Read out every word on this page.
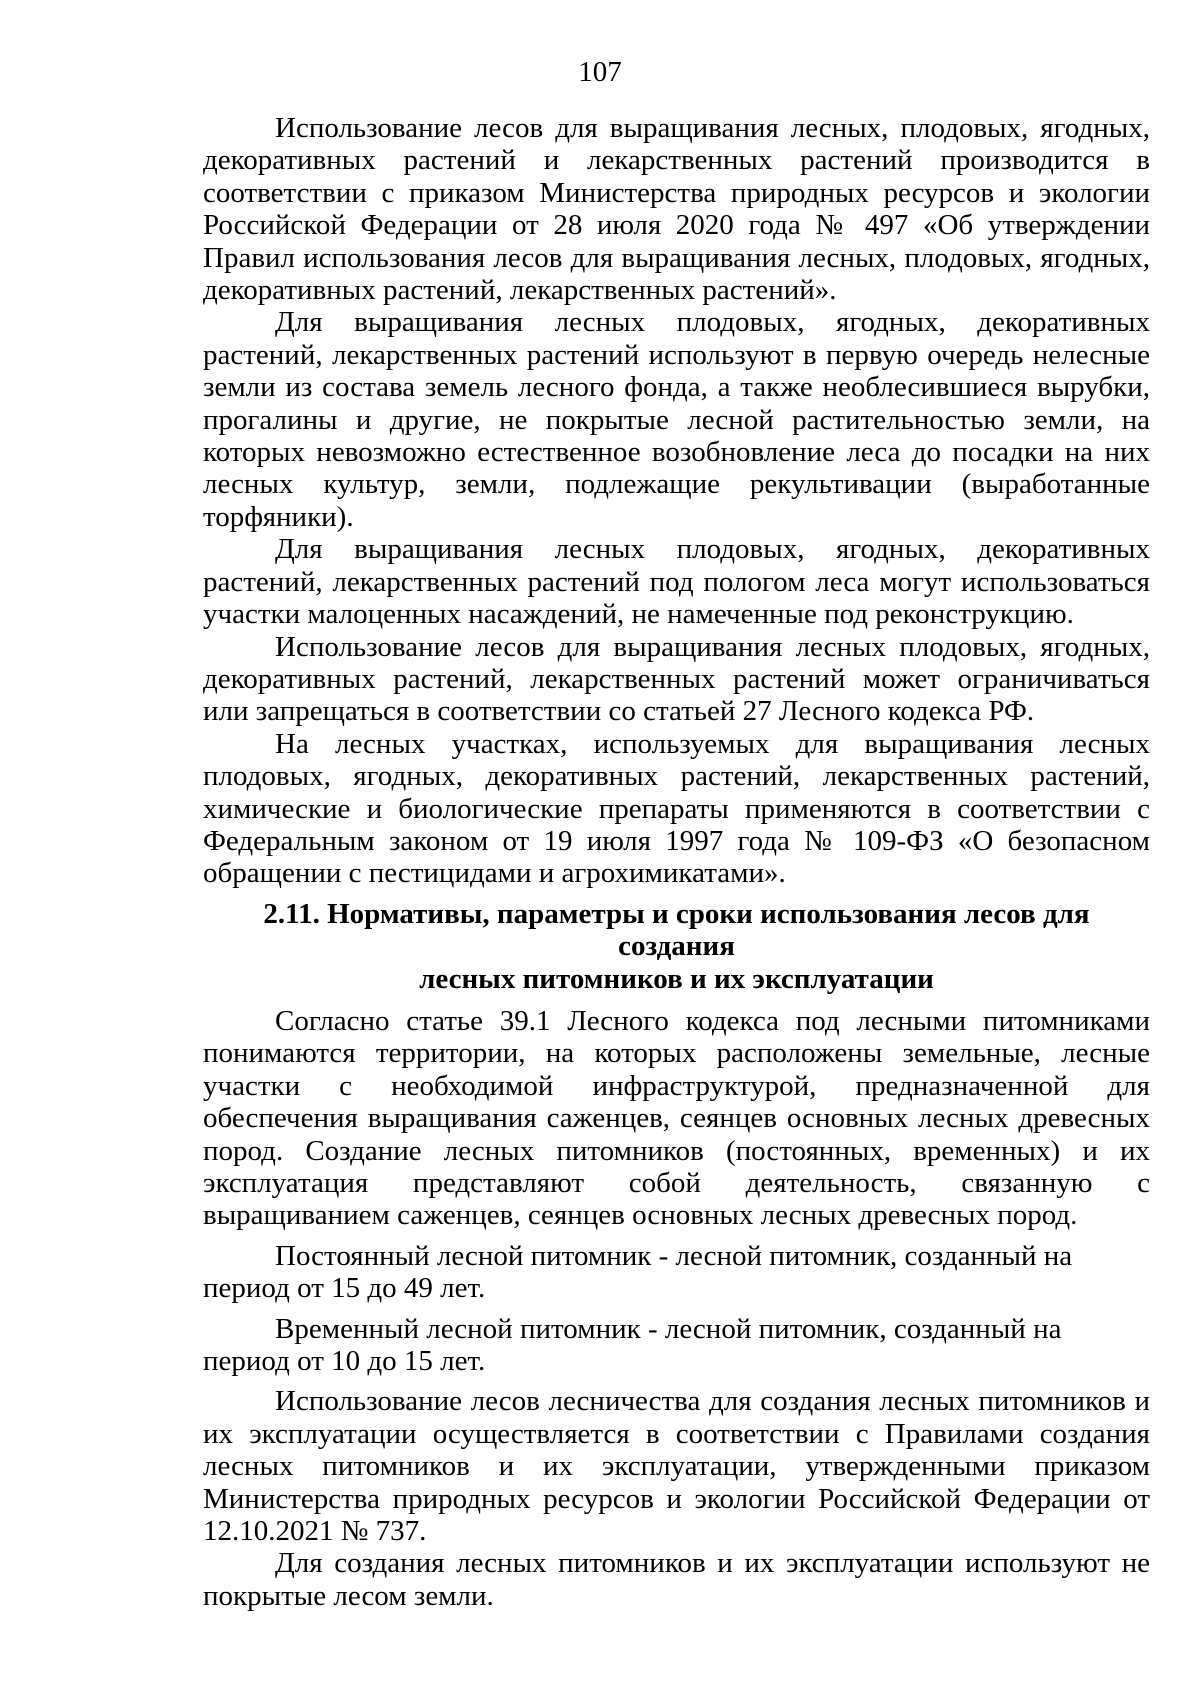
107

Использование лесов для выращивания лесных, плодовых, ягодных, декоративных растений и лекарственных растений производится в соответствии с приказом Министерства природных ресурсов и экологии Российской Федерации от 28 июля 2020 года № 497 «Об утверждении Правил использования лесов для выращивания лесных, плодовых, ягодных, декоративных растений, лекарственных растений».

Для выращивания лесных плодовых, ягодных, декоративных растений, лекарственных растений используют в первую очередь нелесные земли из состава земель лесного фонда, а также необлесившиеся вырубки, прогалины и другие, не покрытые лесной растительностью земли, на которых невозможно естественное возобновление леса до посадки на них лесных культур, земли, подлежащие рекультивации (выработанные торфяники).

Для выращивания лесных плодовых, ягодных, декоративных растений, лекарственных растений под пологом леса могут использоваться участки малоценных насаждений, не намеченные под реконструкцию.

Использование лесов для выращивания лесных плодовых, ягодных, декоративных растений, лекарственных растений может ограничиваться или запрещаться в соответствии со статьей 27 Лесного кодекса РФ.

На лесных участках, используемых для выращивания лесных плодовых, ягодных, декоративных растений, лекарственных растений, химические и биологические препараты применяются в соответствии с Федеральным законом от 19 июля 1997 года № 109-ФЗ «О безопасном обращении с пестицидами и агрохимикатами».

2.11. Нормативы, параметры и сроки использования лесов для создания
лесных питомников и их эксплуатации

Согласно статье 39.1 Лесного кодекса под лесными питомниками понимаются территории, на которых расположены земельные, лесные участки с необходимой инфраструктурой, предназначенной для обеспечения выращивания саженцев, сеянцев основных лесных древесных пород. Создание лесных питомников (постоянных, временных) и их эксплуатация представляют собой деятельность, связанную с выращиванием саженцев, сеянцев основных лесных древесных пород.

Постоянный лесной питомник - лесной питомник, созданный на период от 15 до 49 лет.

Временный лесной питомник - лесной питомник, созданный на период от 10 до 15 лет.

Использование лесов лесничества для создания лесных питомников и их эксплуатации осуществляется в соответствии с Правилами создания лесных питомников и их эксплуатации, утвержденными приказом Министерства природных ресурсов и экологии Российской Федерации от 12.10.2021 № 737.

Для создания лесных питомников и их эксплуатации используют не покрытые лесом земли.
